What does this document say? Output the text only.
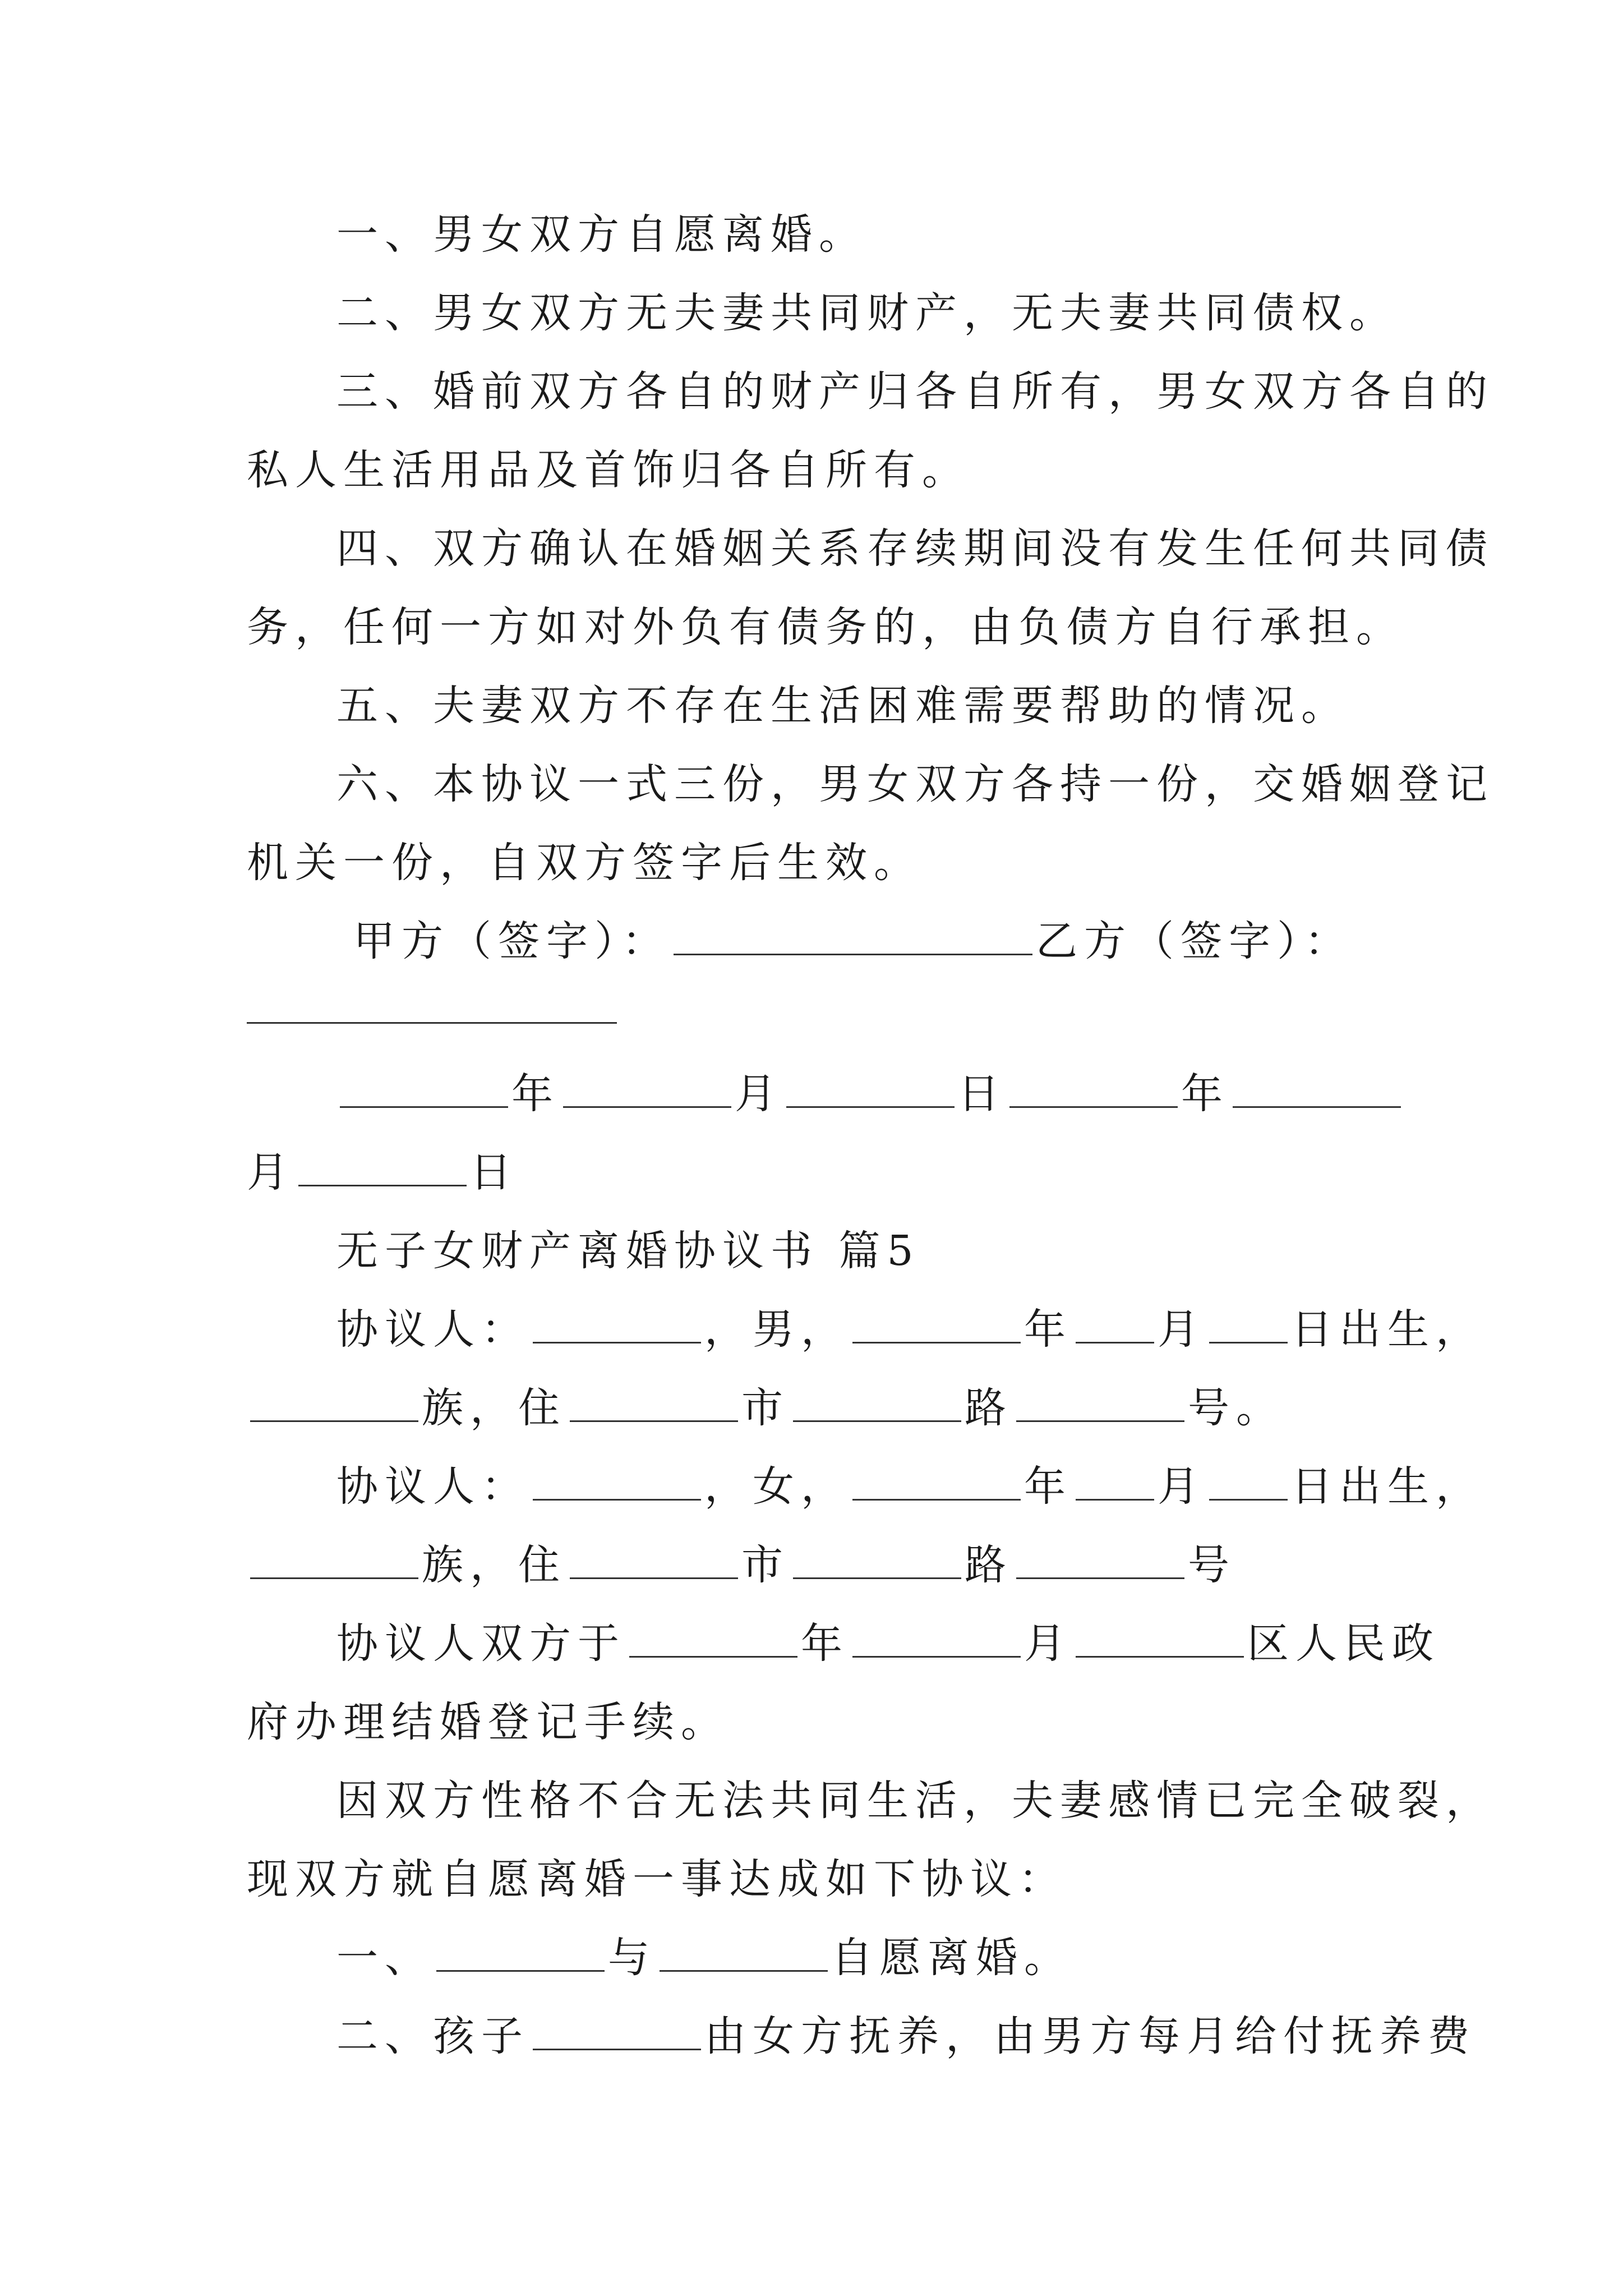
一、男女双方自愿离婚。
二、男女双方无夫妻共同财产，无夫妻共同债权。
三、婚前双方各自的财产归各自所有，男女双方各自的
私人生活用品及首饰归各自所有。
四、双方确认在婚姻关系存续期间没有发生任何共同债
务，任何一方如对外负有债务的，由负债方自行承担。
五、夫妻双方不存在生活困难需要帮助的情况。
六、本协议一式三份，男女双方各持一份，交婚姻登记
机关一份，自双方签字后生效。
甲方（签字）：	乙方（签字）：
年	月	日	年
月	日
无子女财产离婚协议书 篇5
协议人：	，男，	年 月 日出生，
族，住	市	路	号。
协议人：	，女，	年 月 日出生，
族，住	市	路	号
协议人双方于	年	月	区人民政
府办理结婚登记手续。
因双方性格不合无法共同生活，夫妻感情已完全破裂，
现双方就自愿离婚一事达成如下协议：
一、	与	自愿离婚。
二、孩子	由女方抚养，由男方每月给付抚养费
